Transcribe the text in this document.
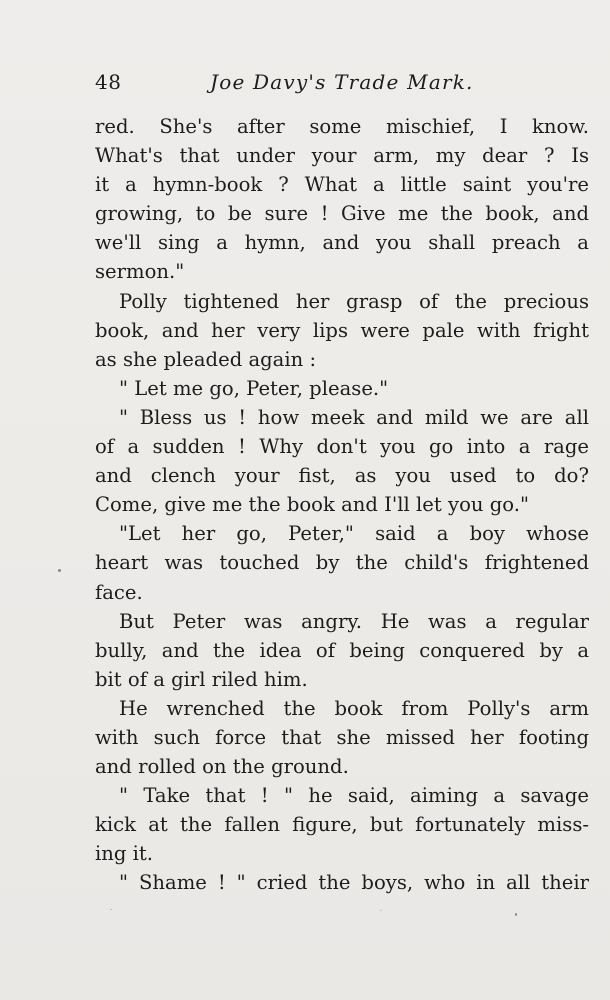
48	Joe Davy's Trade Mark.
red. She's after some mischief, I know.
What's that under your arm, my dear ? Is
it a hymn-book ? What a little saint you're
growing, to be sure ! Give me the book, and
we'll sing a hymn, and you shall preach a
sermon."
Polly tightened her grasp of the precious
book, and her very lips were pale with fright
as she pleaded again :
" Let me go, Peter, please."
" Bless us ! how meek and mild we are all
of a sudden ! Why don't you go into a rage
and clench your fist, as you used to do?
Come, give me the book and I'll let you go."
"Let her go, Peter," said a boy whose
heart was touched by the child's frightened
face.
But Peter was angry. He was a regular
bully, and the idea of being conquered by a
bit of a girl riled him.
He wrenched the book from Polly's arm
with such force that she missed her footing
and rolled on the ground.
" Take that ! " he said, aiming a savage
kick at the fallen figure, but fortunately miss-
ing it.
" Shame ! " cried the boys, who in all their
